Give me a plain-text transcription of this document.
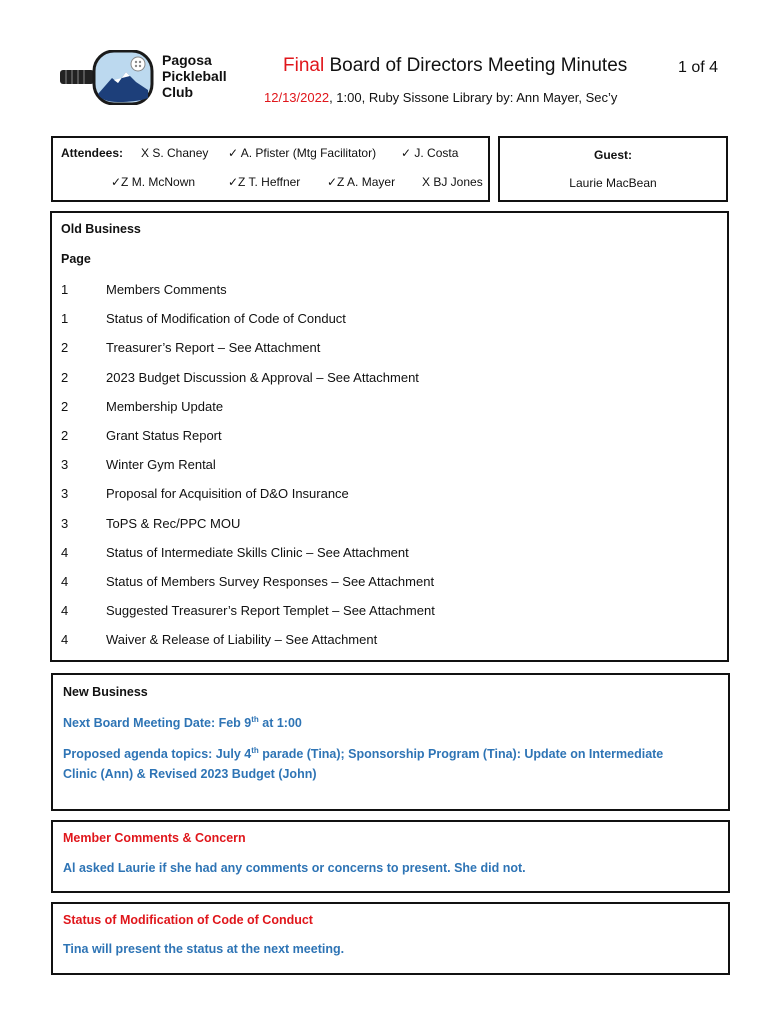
Pagosa
Pickleball
Club
Final Board of Directors Meeting Minutes	1 of 4
12/13/2022, 1:00, Ruby Sissone Library by: Ann Mayer, Sec’y
Attendees: X S. Chaney ✓ A. Pfister (Mtg Facilitator) ✓ J. Costa
✓Z M. McNown	✓Z T. Heffner ✓Z A. Mayer X BJ Jones
Guest:
Laurie MacBean
Old Business
Page
1	Members Comments
1	Status of Modification of Code of Conduct
2	Treasurer’s Report – See Attachment
2	2023 Budget Discussion & Approval – See Attachment
2	Membership Update
2	Grant Status Report
3	Winter Gym Rental
3	Proposal for Acquisition of D&O Insurance
3	ToPS & Rec/PPC MOU
4	Status of Intermediate Skills Clinic – See Attachment
4	Status of Members Survey Responses – See Attachment
4	Suggested Treasurer’s Report Templet – See Attachment
4	Waiver & Release of Liability – See Attachment
New Business
Next Board Meeting Date: Feb 9th at 1:00
Proposed agenda topics: July 4th parade (Tina); Sponsorship Program (Tina): Update on Intermediate
Clinic (Ann) & Revised 2023 Budget (John)
Member Comments & Concern
Al asked Laurie if she had any comments or concerns to present. She did not.
Status of Modification of Code of Conduct
Tina will present the status at the next meeting.
